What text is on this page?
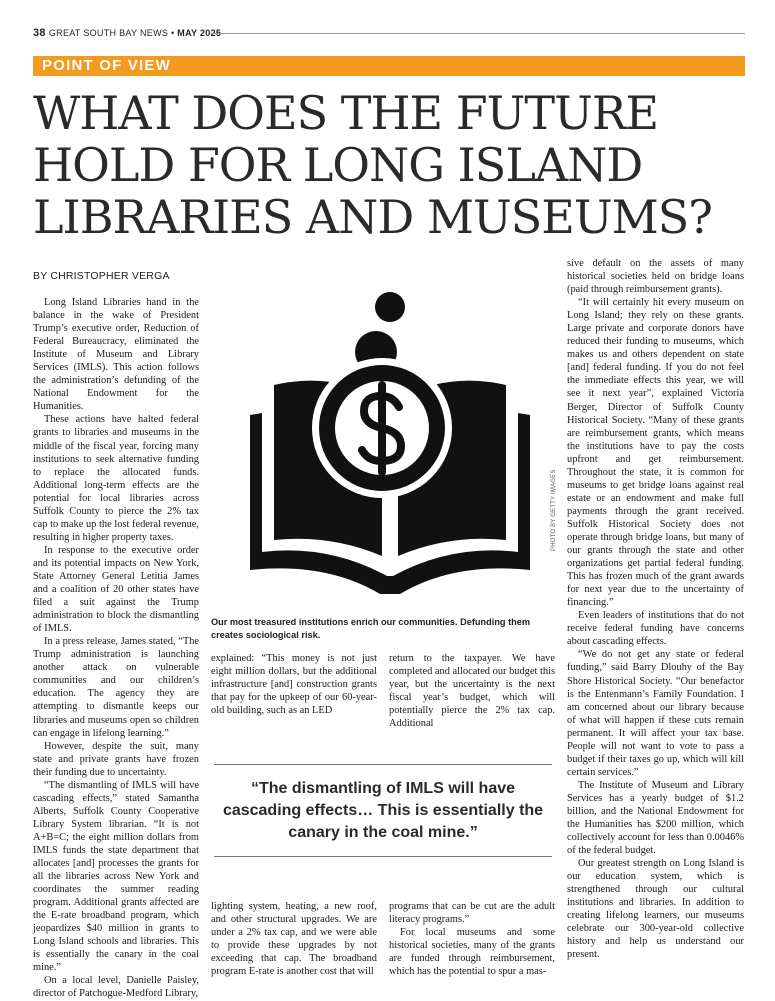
38 GREAT SOUTH BAY NEWS • MAY 2025
POINT OF VIEW
WHAT DOES THE FUTURE HOLD FOR LONG ISLAND LIBRARIES AND MUSEUMS?
BY CHRISTOPHER VERGA

Long Island Libraries hand in the balance in the wake of President Trump’s executive order, Reduction of Federal Bureaucracy, eliminated the Institute of Museum and Library Services (IMLS). This action follows the administration’s defunding of the National Endowment for the Humanities.

These actions have halted federal grants to libraries and museums in the middle of the fiscal year, forcing many institutions to seek alternative funding to replace the allocated funds. Additional long-term effects are the potential for local libraries across Suffolk County to pierce the 2% tax cap to make up the lost federal revenue, resulting in higher property taxes.

In response to the executive order and its potential impacts on New York, State Attorney General Letitia James and a coalition of 20 other states have filed a suit against the Trump administration to block the dismantling of IMLS.

In a press release, James stated, “The Trump administration is launching another attack on vulnerable communities and our children’s education. The agency they are attempting to dismantle keeps our libraries and museums open so children can engage in lifelong learning.”

However, despite the suit, many state and private grants have frozen their funding due to uncertainty.

“The dismantling of IMLS will have cascading effects,” stated Samantha Alberts, Suffolk County Cooperative Library System librarian. “It is not A+B=C; the eight million dollars from IMLS funds the state department that allocates [and] processes the grants for all the libraries across New York and coordinates the summer reading program. Additional grants affected are the E-rate broadband program, which jeopardizes $40 million in grants to Long Island schools and libraries. This is essentially the canary in the coal mine.”

On a local level, Danielle Paisley, director of Patchogue-Medford Library,

PHOTO BY GETTY IMAGES
Our most treasured institutions enrich our communities. Defunding them creates sociological risk.

explained: “This money is not just eight million dollars, but the additional infrastructure [and] construction grants that pay for the upkeep of our 60-year-old building, such as an LED

return to the taxpayer. We have completed and allocated our budget this year, but the uncertainty is the next fiscal year’s budget, which will potentially pierce the 2% tax cap. Additional

“The dismantling of IMLS will have cascading effects… This is essentially the canary in the coal mine.”

lighting system, heating, a new roof, and other structural upgrades. We are under a 2% tax cap, and we were able to provide these upgrades by not exceeding that cap. The broadband program E-rate is another cost that will

programs that can be cut are the adult literacy programs.”

For local museums and some historical societies, many of the grants are funded through reimbursement, which has the potential to spur a mas-

sive default on the assets of many historical societies held on bridge loans (paid through reimbursement grants).

“It will certainly hit every museum on Long Island; they rely on these grants. Large private and corporate donors have reduced their funding to museums, which makes us and others dependent on state [and] federal funding. If you do not feel the immediate effects this year, we will see it next year”, explained Victoria Berger, Director of Suffolk County Historical Society. “Many of these grants are reimbursement grants, which means the institutions have to pay the costs upfront and get reimbursement. Throughout the state, it is common for museums to get bridge loans against real estate or an endowment and make full payments through the grant received. Suffolk Historical Society does not operate through bridge loans, but many of our grants through the state and other organizations get partial federal funding. This has frozen much of the grant awards for next year due to the uncertainty of financing.”

Even leaders of institutions that do not receive federal funding have concerns about cascading effects.

“We do not get any state or federal funding,” said Barry Dlouhy of the Bay Shore Historical Society. “Our benefactor is the Entenmann’s Family Foundation. I am concerned about our library because of what will happen if these cuts remain permanent. It will affect your tax base. People will not want to vote to pass a budget if their taxes go up, which will kill certain services.”

The Institute of Museum and Library Services has a yearly budget of $1.2 billion, and the National Endowment for the Humanities has $200 million, which collectively account for less than 0.0046% of the federal budget.

Our greatest strength on Long Island is our education system, which is strengthened through our cultural institutions and libraries. In addition to creating lifelong learners, our museums celebrate our 300-year-old collective history and help us understand our present.
